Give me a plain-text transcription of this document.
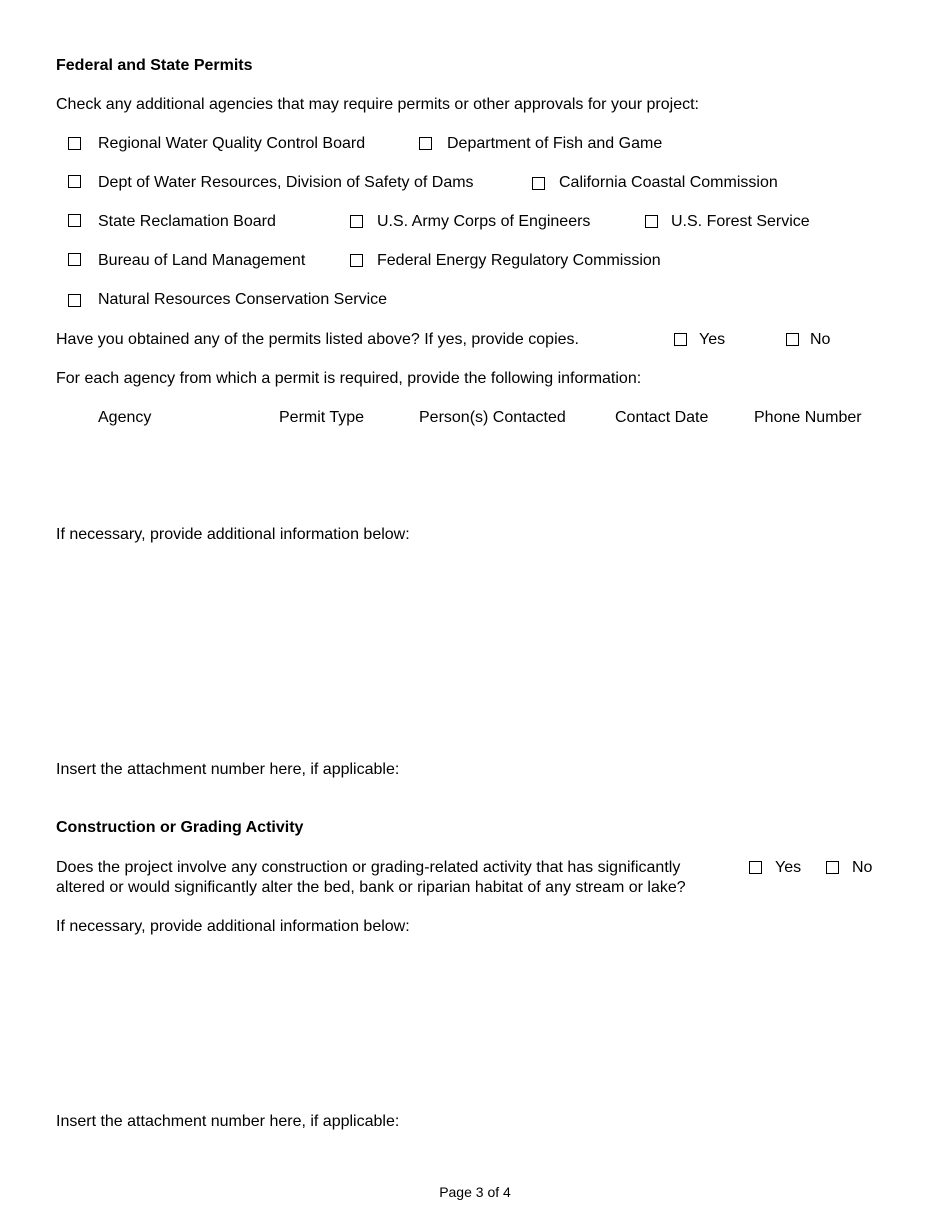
Federal and State Permits
Check any additional agencies that may require permits or other approvals for your project:
Regional Water Quality Control Board	Department of Fish and Game
Dept of Water Resources, Division of Safety of Dams	California Coastal Commission
State Reclamation Board	U.S. Army Corps of Engineers	U.S. Forest Service
Bureau of Land Management	Federal Energy Regulatory Commission
Natural Resources Conservation Service
Have you obtained any of the permits listed above? If yes, provide copies.	Yes	No
For each agency from which a permit is required, provide the following information:
Agency	Permit Type	Person(s) Contacted	Contact Date	Phone Number
If necessary, provide additional information below:
Insert the attachment number here, if applicable:
Construction or Grading Activity
Does the project involve any construction or grading-related activity that has significantly
altered or would significantly alter the bed, bank or riparian habitat of any stream or lake?
Yes	No
If necessary, provide additional information below:
Insert the attachment number here, if applicable:
Page 3 of 4
